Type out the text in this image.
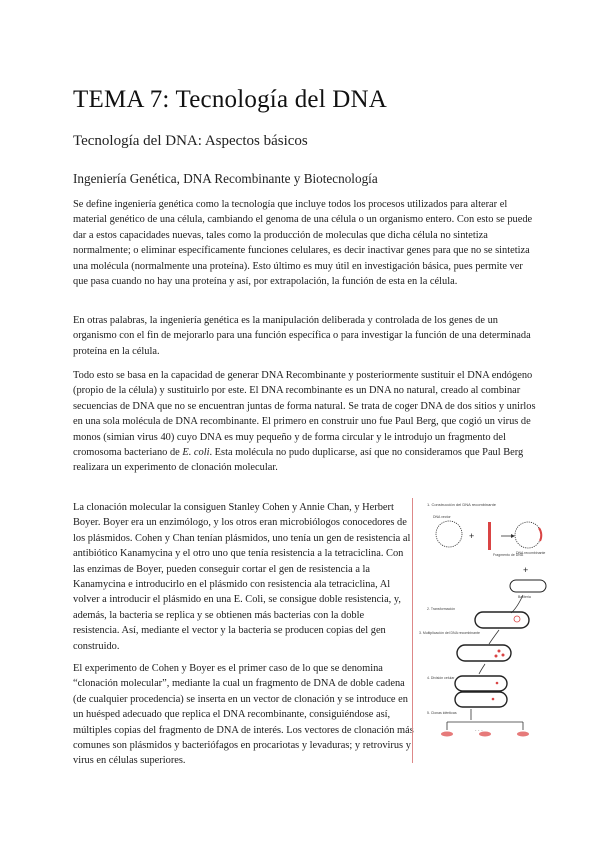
TEMA 7: Tecnología del DNA
Tecnología del DNA: Aspectos básicos
Ingeniería Genética, DNA Recombinante y Biotecnología

Se define ingeniería genética como la tecnología que incluye todos los procesos utilizados para alterar el material genético de una célula, cambiando el genoma de una célula o un organismo entero. Con esto se puede dar a estos capacidades nuevas, tales como la producción de moleculas que dicha célula no sintetiza normalmente; o eliminar específicamente funciones celulares, es decir inactivar genes para que no se sintetiza una molécula (normalmente una proteína). Esto último es muy útil en investigación básica, pues permite ver que pasa cuando no hay una proteína y así, por extrapolación, la función de esta en la célula.

En otras palabras, la ingeniería genética es la manipulación deliberada y controlada de los genes de un organismo con el fin de mejorarlo para una función específica o para investigar la función de una determinada proteína en la célula.

Todo esto se basa en la capacidad de generar DNA Recombinante y posteriormente sustituir el DNA endógeno (propio de la célula) y sustituirlo por este. El DNA recombinante es un DNA no natural, creado al combinar secuencias de DNA que no se encuentran juntas de forma natural. Se trata de coger DNA de dos sitios y unirlos en una sola molécula de DNA recombinante. El primero en construir uno fue Paul Berg, que cogió un virus de monos (simian virus 40) cuyo DNA es muy pequeño y de forma circular y le introdujo un fragmento del cromosoma bacteriano de E. coli. Esta molécula no pudo duplicarse, así que no consideramos que Paul Berg realizara un experimento de clonación molecular.

La clonación molecular la consiguen Stanley Cohen y Annie Chan, y Herbert Boyer. Boyer era un enzimólogo, y los otros eran microbiólogos conocedores de los plásmidos. Cohen y Chan tenían plásmidos, uno tenía un gen de resistencia al antibiótico Kanamycina y el otro uno que tenía resistencia a la tetraciclina. Con las enzimas de Boyer, pueden conseguir cortar el gen de resistencia a la Kanamycina e introducirlo en el plásmido con resistencia ala tetraciclina, Al volver a introducir el plásmido en una E. Coli, se consigue doble resistencia, y, además, la bacteria se replica y se obtienen más bacterias con la doble resistencia. Así, mediante el vector y la bacteria se producen copias del gen construido.

El experimento de Cohen y Boyer es el primer caso de lo que se denomina “clonación molecular”, mediante la cual un fragmento de DNA de doble cadena (de cualquier procedencia) se inserta en un vector de clonación y se introduce en un huésped adecuado que replica el DNA recombinante, consiguiéndose así, múltiples copias del fragmento de DNA de interés. Los vectores de clonación más comunes son plásmidos y bacteriófagos en procariotas y levaduras; y retrovirus y virus en células superiores.

1. Construcción del DNA recombinante
DNA vector
+
Fragmento de DNA
DNA recombinante
+
Bacteria
2. Transformación
3. Multiplicación del DNA recombinante
4. División celular
5. Clonas idénticas
· · ·
